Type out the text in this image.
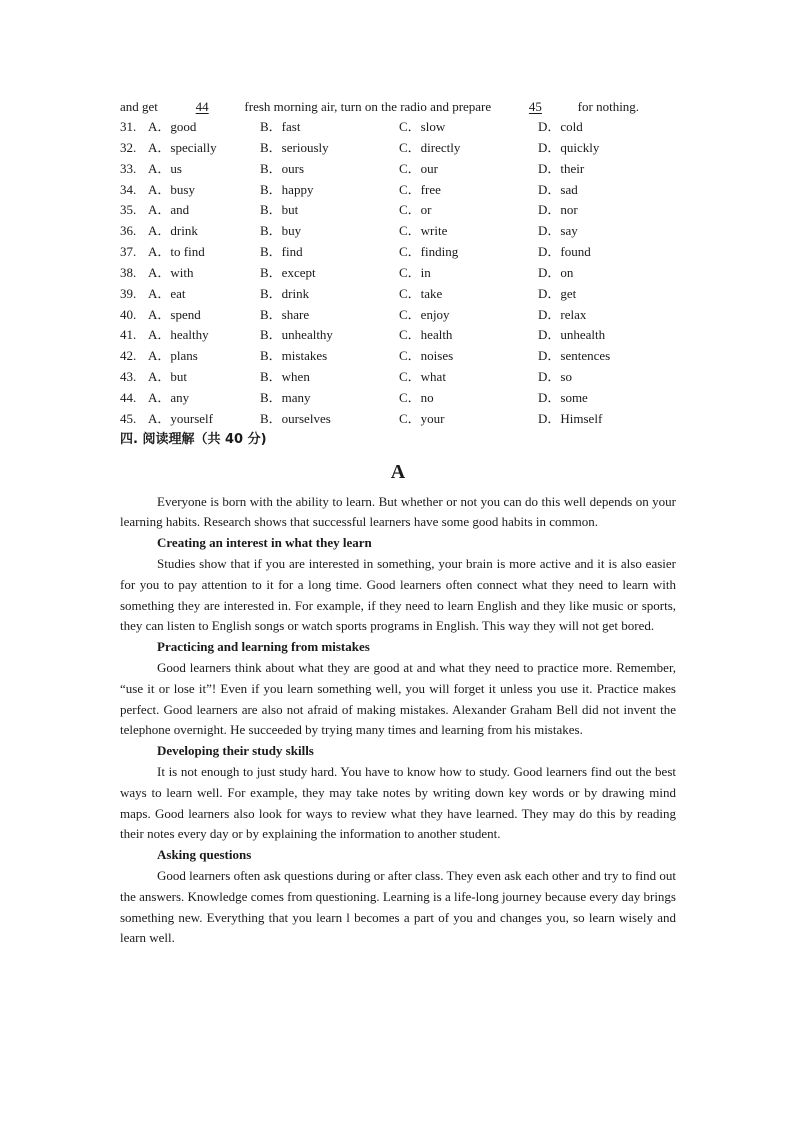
and get	44	fresh morning air, turn on the radio and prepare	45	for nothing.
31. A．good	B．fast	C．slow	D．cold
32. A．specially	B．seriously	C．directly	D．quickly
33. A．us	B．ours	C．our	D．their
34. A．busy	B．happy	C．free	D．sad
35. A．and	B．but	C．or	D．nor
36. A．drink	B．buy	C．write	D．say
37. A．to find	B．find	C．finding	D．found
38. A．with	B．except	C．in	D．on
39. A．eat	B．drink	C．take	D．get
40. A．spend	B．share	C．enjoy	D．relax
41. A．healthy	B．unhealthy	C．health	D．unhealth
42. A．plans	B．mistakes	C．noises	D．sentences
43. A．but	B．when	C．what	D．so
44. A．any	B．many	C．no	D．some
45. A．yourself	B．ourselves	C．your	D．Himself
四. 阅读理解（共 40 分)
A

Everyone is born with the ability to learn. But whether or not you can do this well depends on your learning habits. Research shows that successful learners have some good habits in common.

Creating an interest in what they learn

Studies show that if you are interested in something, your brain is more active and it is also easier for you to pay attention to it for a long time. Good learners often connect what they need to learn with something they are interested in. For example, if they need to learn English and they like music or sports, they can listen to English songs or watch sports programs in English. This way they will not get bored.

Practicing and learning from mistakes

Good learners think about what they are good at and what they need to practice more. Remember, “use it or lose it”! Even if you learn something well, you will forget it unless you use it. Practice makes perfect. Good learners are also not afraid of making mistakes. Alexander Graham Bell did not invent the telephone overnight. He succeeded by trying many times and learning from his mistakes.

Developing their study skills

It is not enough to just study hard. You have to know how to study. Good learners find out the best ways to learn well. For example, they may take notes by writing down key words or by drawing mind maps. Good learners also look for ways to review what they have learned. They may do this by reading their notes every day or by explaining the information to another student.

Asking questions

Good learners often ask questions during or after class. They even ask each other and try to find out the answers. Knowledge comes from questioning. Learning is a life-long journey because every day brings something new. Everything that you learn l becomes a part of you and changes you, so learn wisely and learn well.
